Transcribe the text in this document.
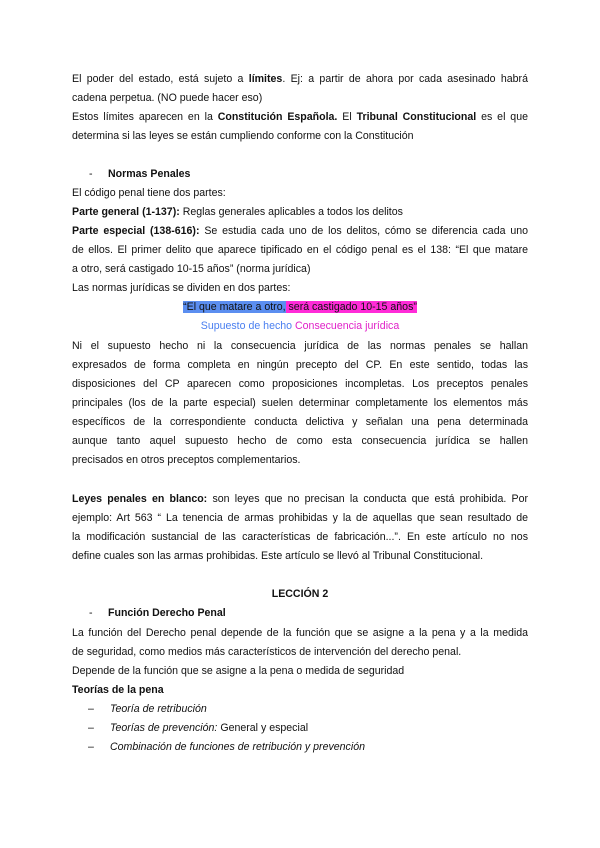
El poder del estado, está sujeto a límites. Ej: a partir de ahora por cada asesinado habrá
cadena perpetua. (NO puede hacer eso)
Estos límites aparecen en la Constitución Española. El Tribunal Constitucional es el que
determina si las leyes se están cumpliendo conforme con la Constitución
- Normas Penales
El código penal tiene dos partes:
Parte general (1-137): Reglas generales aplicables a todos los delitos
Parte especial (138-616): Se estudia cada uno de los delitos, cómo se diferencia cada uno
de ellos. El primer delito que aparece tipificado en el código penal es el 138: “El que matare
a otro, será castigado 10-15 años” (norma jurídica)
Las normas jurídicas se dividen en dos partes:
“El que matare a otro, será castigado 10-15 años”
Supuesto de hecho Consecuencia jurídica
Ni el supuesto hecho ni la consecuencia jurídica de las normas penales se hallan
expresados de forma completa en ningún precepto del CP. En este sentido, todas las
disposiciones del CP aparecen como proposiciones incompletas. Los preceptos penales
principales (los de la parte especial) suelen determinar completamente los elementos más
específicos de la correspondiente conducta delictiva y señalan una pena determinada
aunque tanto aquel supuesto hecho de como esta consecuencia jurídica se hallen
precisados en otros preceptos complementarios.
Leyes penales en blanco: son leyes que no precisan la conducta que está prohibida. Por
ejemplo: Art 563 “ La tenencia de armas prohibidas y la de aquellas que sean resultado de
la modificación sustancial de las características de fabricación...”. En este artículo no nos
define cuales son las armas prohibidas. Este artículo se llevó al Tribunal Constitucional.
LECCIÓN 2
- Función Derecho Penal
La función del Derecho penal depende de la función que se asigne a la pena y a la medida
de seguridad, como medios más característicos de intervención del derecho penal.
Depende de la función que se asigne a la pena o medida de seguridad
Teorías de la pena
– Teoría de retribución
– Teorías de prevención: General y especial
– Combinación de funciones de retribución y prevención
